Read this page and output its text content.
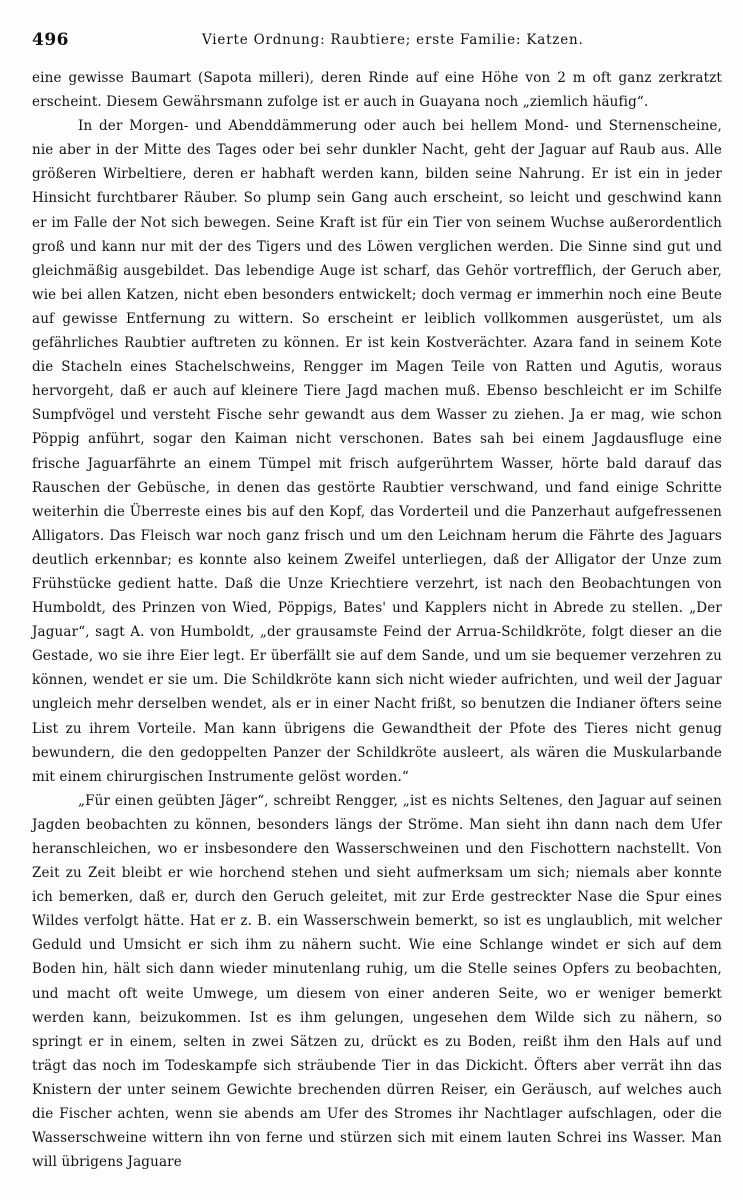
496	Vierte Ordnung: Raubtiere; erste Familie: Katzen.

eine gewisse Baumart (Sapota milleri), deren Rinde auf eine Höhe von 2 m oft ganz zerkratzt erscheint. Diesem Gewährsmann zufolge ist er auch in Guayana noch „ziemlich häufig“.

In der Morgen- und Abenddämmerung oder auch bei hellem Mond- und Sternenscheine, nie aber in der Mitte des Tages oder bei sehr dunkler Nacht, geht der Jaguar auf Raub aus. Alle größeren Wirbeltiere, deren er habhaft werden kann, bilden seine Nahrung. Er ist ein in jeder Hinsicht furchtbarer Räuber. So plump sein Gang auch erscheint, so leicht und geschwind kann er im Falle der Not sich bewegen. Seine Kraft ist für ein Tier von seinem Wuchse außerordentlich groß und kann nur mit der des Tigers und des Löwen verglichen werden. Die Sinne sind gut und gleichmäßig ausgebildet. Das lebendige Auge ist scharf, das Gehör vortrefflich, der Geruch aber, wie bei allen Katzen, nicht eben besonders entwickelt; doch vermag er immerhin noch eine Beute auf gewisse Entfernung zu wittern. So erscheint er leiblich vollkommen ausgerüstet, um als gefährliches Raubtier auftreten zu können. Er ist kein Kostverächter. Azara fand in seinem Kote die Stacheln eines Stachelschweins, Rengger im Magen Teile von Ratten und Agutis, woraus hervorgeht, daß er auch auf kleinere Tiere Jagd machen muß. Ebenso beschleicht er im Schilfe Sumpfvögel und versteht Fische sehr gewandt aus dem Wasser zu ziehen. Ja er mag, wie schon Pöppig anführt, sogar den Kaiman nicht verschonen. Bates sah bei einem Jagdausfluge eine frische Jaguarfährte an einem Tümpel mit frisch aufgerührtem Wasser, hörte bald darauf das Rauschen der Gebüsche, in denen das gestörte Raubtier verschwand, und fand einige Schritte weiterhin die Überreste eines bis auf den Kopf, das Vorderteil und die Panzerhaut aufgefressenen Alligators. Das Fleisch war noch ganz frisch und um den Leichnam herum die Fährte des Jaguars deutlich erkennbar; es konnte also keinem Zweifel unterliegen, daß der Alligator der Unze zum Frühstücke gedient hatte. Daß die Unze Kriechtiere verzehrt, ist nach den Beobachtungen von Humboldt, des Prinzen von Wied, Pöppigs, Bates' und Kapplers nicht in Abrede zu stellen. „Der Jaguar“, sagt A. von Humboldt, „der grausamste Feind der Arrua-Schildkröte, folgt dieser an die Gestade, wo sie ihre Eier legt. Er überfällt sie auf dem Sande, und um sie bequemer verzehren zu können, wendet er sie um. Die Schildkröte kann sich nicht wieder aufrichten, und weil der Jaguar ungleich mehr derselben wendet, als er in einer Nacht frißt, so benutzen die Indianer öfters seine List zu ihrem Vorteile. Man kann übrigens die Gewandtheit der Pfote des Tieres nicht genug bewundern, die den gedoppelten Panzer der Schildkröte ausleert, als wären die Muskularbande mit einem chirurgischen Instrumente gelöst worden.“

„Für einen geübten Jäger“, schreibt Rengger, „ist es nichts Seltenes, den Jaguar auf seinen Jagden beobachten zu können, besonders längs der Ströme. Man sieht ihn dann nach dem Ufer heranschleichen, wo er insbesondere den Wasserschweinen und den Fischottern nachstellt. Von Zeit zu Zeit bleibt er wie horchend stehen und sieht aufmerksam um sich; niemals aber konnte ich bemerken, daß er, durch den Geruch geleitet, mit zur Erde gestreckter Nase die Spur eines Wildes verfolgt hätte. Hat er z. B. ein Wasserschwein bemerkt, so ist es unglaublich, mit welcher Geduld und Umsicht er sich ihm zu nähern sucht. Wie eine Schlange windet er sich auf dem Boden hin, hält sich dann wieder minutenlang ruhig, um die Stelle seines Opfers zu beobachten, und macht oft weite Umwege, um diesem von einer anderen Seite, wo er weniger bemerkt werden kann, beizukommen. Ist es ihm gelungen, ungesehen dem Wilde sich zu nähern, so springt er in einem, selten in zwei Sätzen zu, drückt es zu Boden, reißt ihm den Hals auf und trägt das noch im Todeskampfe sich sträubende Tier in das Dickicht. Öfters aber verrät ihn das Knistern der unter seinem Gewichte brechenden dürren Reiser, ein Geräusch, auf welches auch die Fischer achten, wenn sie abends am Ufer des Stromes ihr Nachtlager aufschlagen, oder die Wasserschweine wittern ihn von ferne und stürzen sich mit einem lauten Schrei ins Wasser. Man will übrigens Jaguare
